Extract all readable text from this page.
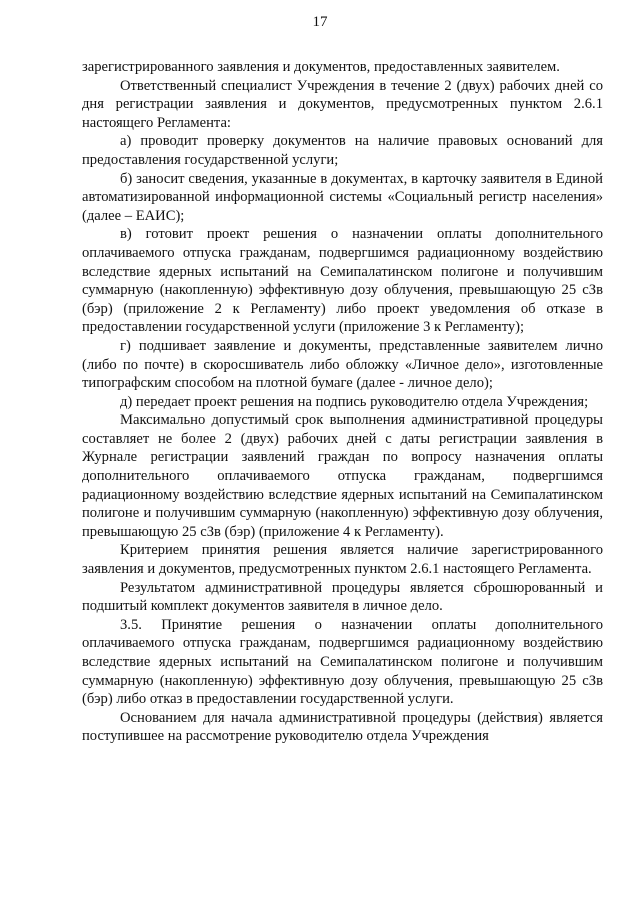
17

зарегистрированного заявления и документов, предоставленных заявителем.

Ответственный специалист Учреждения в течение 2 (двух) рабочих дней со дня регистрации заявления и документов, предусмотренных пунктом 2.6.1 настоящего Регламента:

а) проводит проверку документов на наличие правовых оснований для предоставления государственной услуги;

б) заносит сведения, указанные в документах, в карточку заявителя в Единой автоматизированной информационной системы «Социальный регистр населения» (далее – ЕАИС);

в) готовит проект решения о назначении оплаты дополнительного оплачиваемого отпуска гражданам, подвергшимся радиационному воздействию вследствие ядерных испытаний на Семипалатинском полигоне и получившим суммарную (накопленную) эффективную дозу облучения, превышающую 25 сЗв (бэр) (приложение 2 к Регламенту) либо проект уведомления об отказе в предоставлении государственной услуги (приложение 3 к Регламенту);

г) подшивает заявление и документы, представленные заявителем лично (либо по почте) в скоросшиватель либо обложку «Личное дело», изготовленные типографским способом на плотной бумаге (далее - личное дело);

д) передает проект решения на подпись руководителю отдела Учреждения;

Максимально допустимый срок выполнения административной процедуры составляет не более 2 (двух) рабочих дней с даты регистрации заявления в Журнале регистрации заявлений граждан по вопросу назначения оплаты дополнительного оплачиваемого отпуска гражданам, подвергшимся радиационному воздействию вследствие ядерных испытаний на Семипалатинском полигоне и получившим суммарную (накопленную) эффективную дозу облучения, превышающую 25 сЗв (бэр) (приложение 4 к Регламенту).

Критерием принятия решения является наличие зарегистрированного заявления и документов, предусмотренных пунктом 2.6.1 настоящего Регламента.

Результатом административной процедуры является сброшюрованный и подшитый комплект документов заявителя в личное дело.

3.5. Принятие решения о назначении оплаты дополнительного оплачиваемого отпуска гражданам, подвергшимся радиационному воздействию вследствие ядерных испытаний на Семипалатинском полигоне и получившим суммарную (накопленную) эффективную дозу облучения, превышающую 25 сЗв (бэр) либо отказ в предоставлении государственной услуги.

Основанием для начала административной процедуры (действия) является поступившее на рассмотрение руководителю отдела Учреждения
